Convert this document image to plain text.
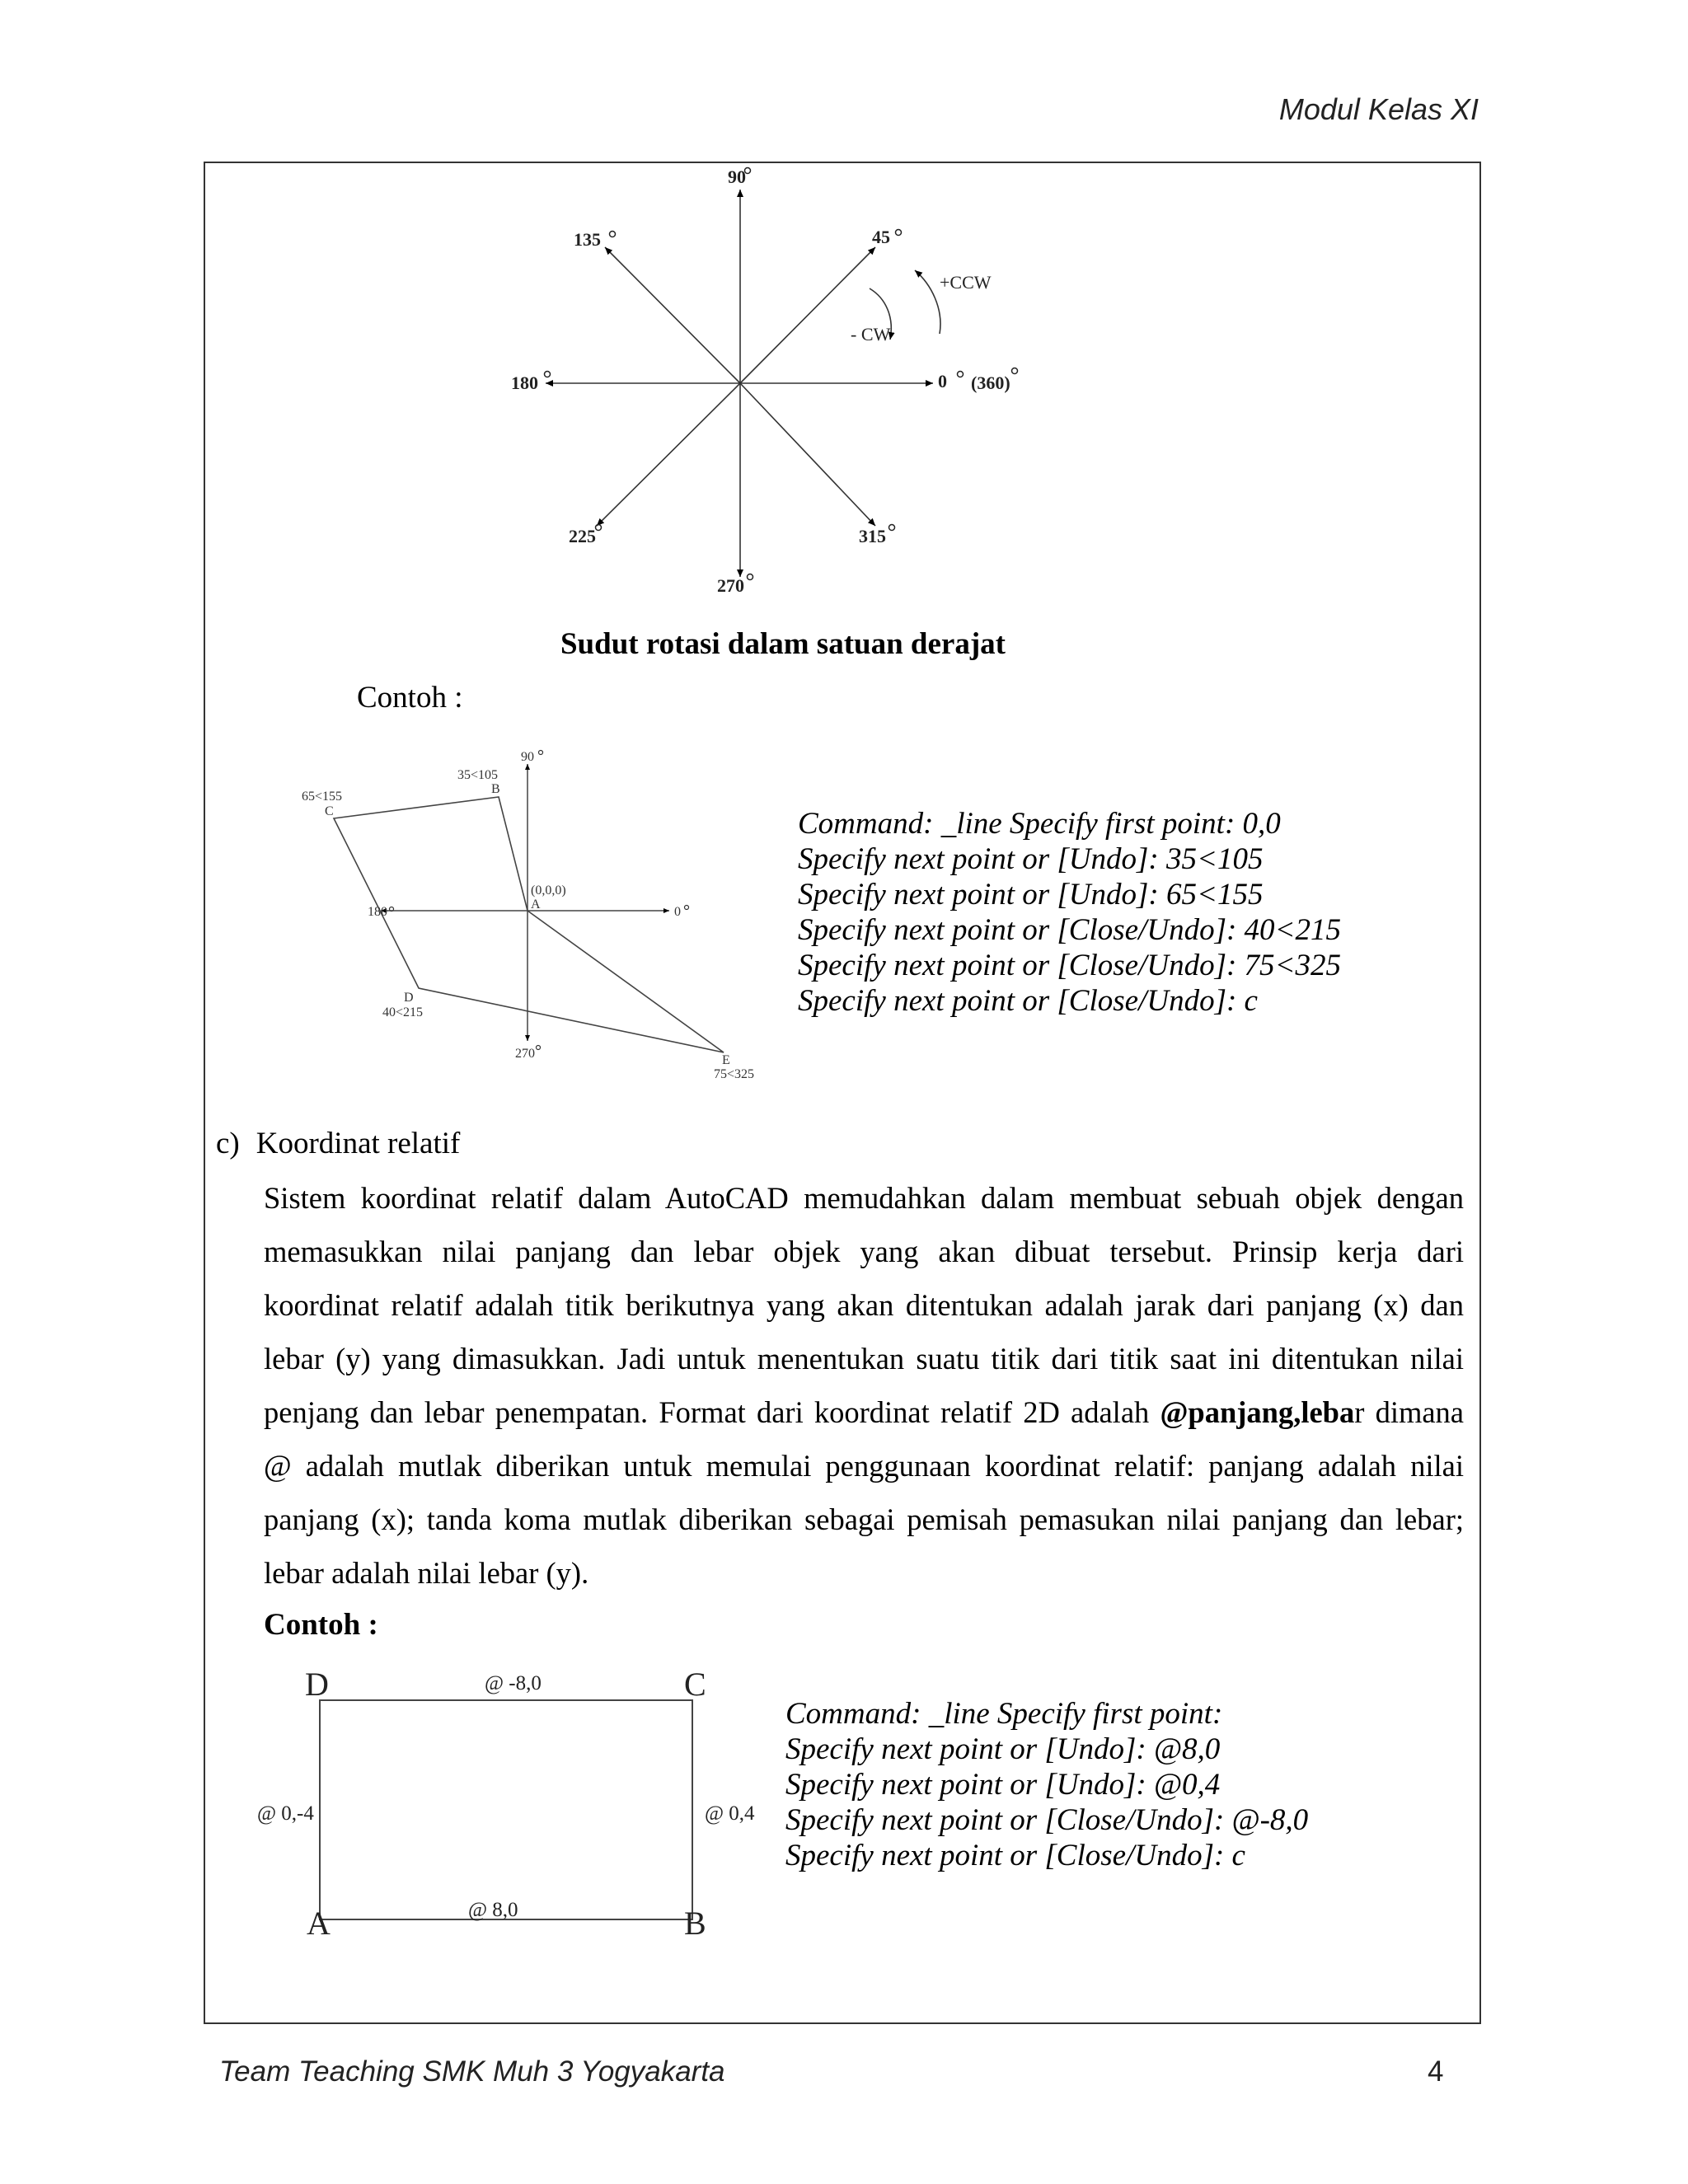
Modul Kelas XI
90
45
135
180	0 (360)
225	315
270
+CCW
- CW
Sudut rotasi dalam satuan derajat
Contoh :
35<105
B
65<155
C
90
(0,0,0)
A
180	0
D
40<215
270	E
75<325
Command: _line Specify first point: 0,0
Specify next point or [Undo]: 35<105
Specify next point or [Undo]: 65<155
Specify next point or [Close/Undo]: 40<215
Specify next point or [Close/Undo]: 75<325
Specify next point or [Close/Undo]: c
c) Koordinat relatif
Sistem koordinat relatif dalam AutoCAD memudahkan dalam membuat sebuah objek dengan
memasukkan nilai panjang dan lebar objek yang akan dibuat tersebut. Prinsip kerja dari
koordinat relatif adalah titik berikutnya yang akan ditentukan adalah jarak dari panjang (x) dan
lebar (y) yang dimasukkan. Jadi untuk menentukan suatu titik dari titik saat ini ditentukan nilai
penjang dan lebar penempatan. Format dari koordinat relatif 2D adalah @panjang,lebar dimana
@ adalah mutlak diberikan untuk memulai penggunaan koordinat relatif: panjang adalah nilai
panjang (x); tanda koma mutlak diberikan sebagai pemisah pemasukan nilai panjang dan lebar;
lebar adalah nilai lebar (y).
Contoh :
D	C
A	B
@ -8,0
@ 0,-4	@ 0,4
@ 8,0
Command: _line Specify first point:
Specify next point or [Undo]: @8,0
Specify next point or [Undo]: @0,4
Specify next point or [Close/Undo]: @-8,0
Specify next point or [Close/Undo]: c
Team Teaching SMK Muh 3 Yogyakarta	4
